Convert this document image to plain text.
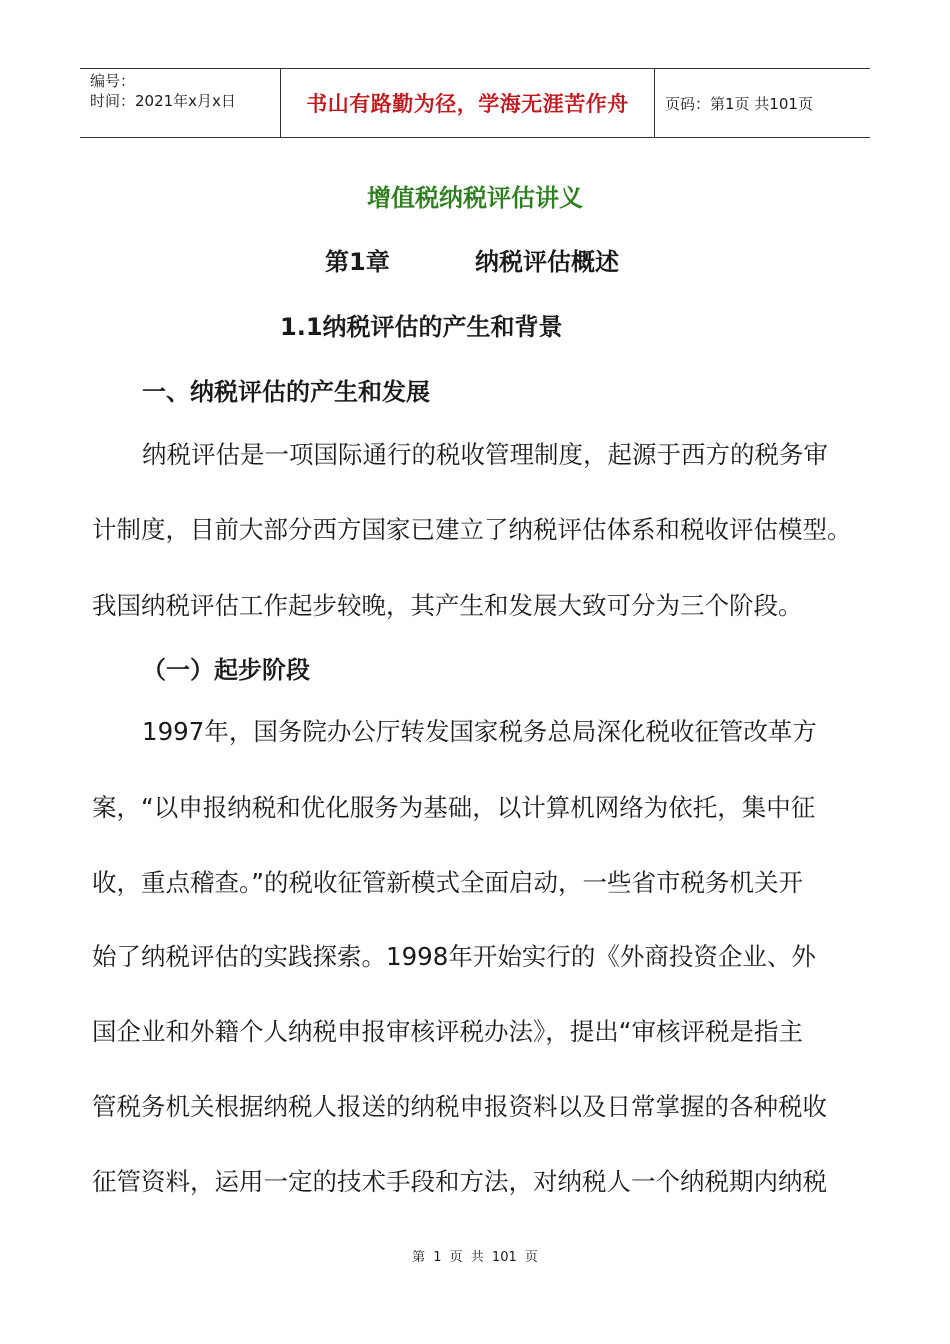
编号：
时间：2021年x月x日	书山有路勤为径，学海无涯苦作舟 页码：第1页 共101页
增值税纳税评估讲义
第1章	纳税评估概述
1.1纳税评估的产生和背景
一、纳税评估的产生和发展
纳税评估是一项国际通行的税收管理制度，起源于西方的税务审
计制度，目前大部分西方国家已建立了纳税评估体系和税收评估模型。
我国纳税评估工作起步较晚，其产生和发展大致可分为三个阶段。
（一）起步阶段
1997年，国务院办公厅转发国家税务总局深化税收征管改革方
案，“以申报纳税和优化服务为基础，以计算机网络为依托，集中征
收，重点稽查。”的税收征管新模式全面启动，一些省市税务机关开
始了纳税评估的实践探索。1998年开始实行的《外商投资企业、外
国企业和外籍个人纳税申报审核评税办法》，提出“审核评税是指主
管税务机关根据纳税人报送的纳税申报资料以及日常掌握的各种税收
征管资料，运用一定的技术手段和方法，对纳税人一个纳税期内纳税
第 1 页 共 101 页
